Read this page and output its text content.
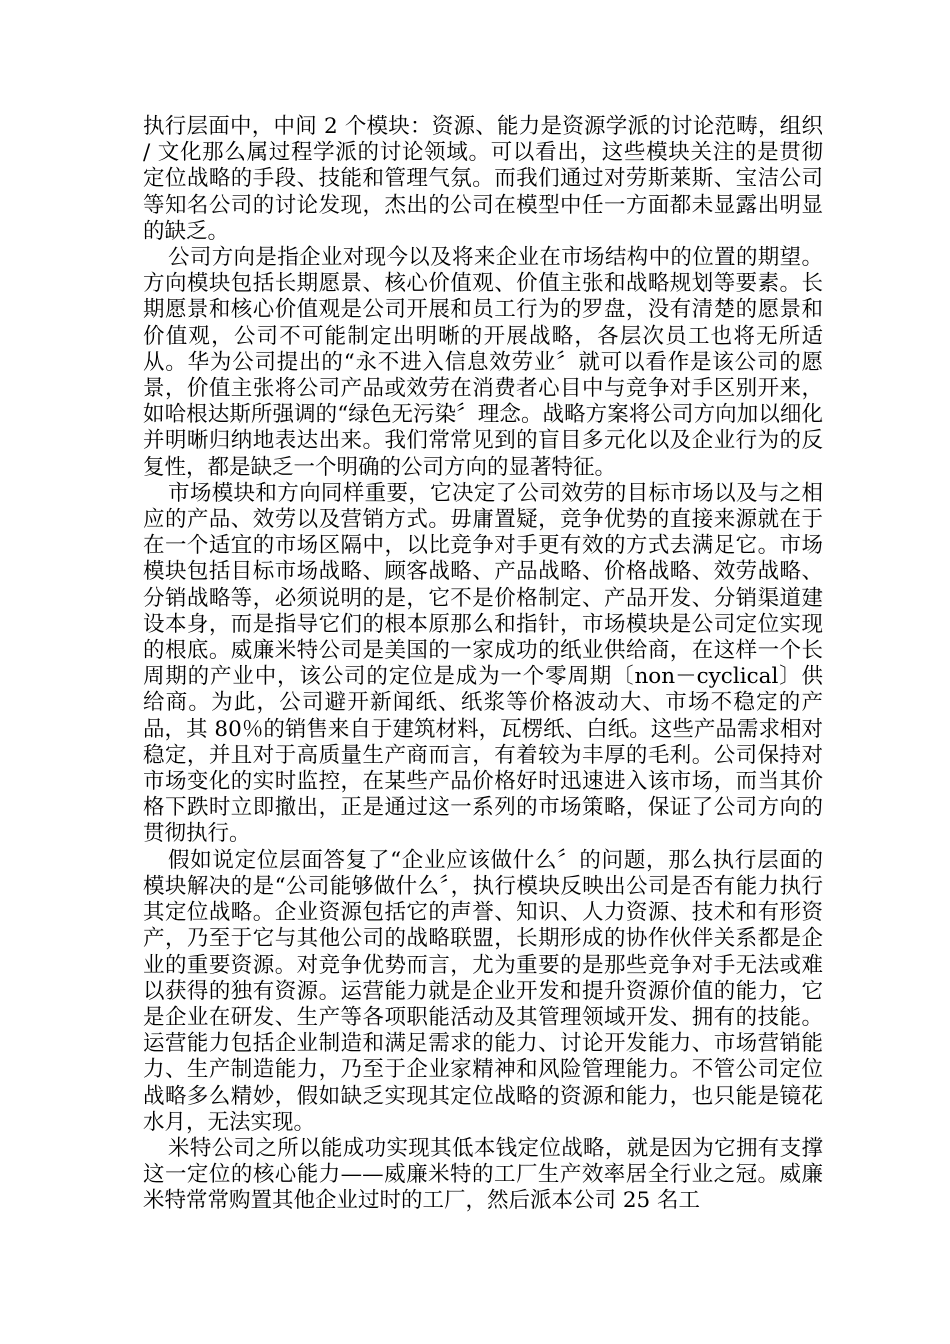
执行层面中，中间 2 个模块：资源、能力是资源学派的讨论范畴，组织 / 文化那么属过程学派的讨论领域。可以看出，这些模块关注的是贯彻定位战略的手段、技能和管理气氛。而我们通过对劳斯莱斯、宝洁公司等知名公司的讨论发现，杰出的公司在模型中任一方面都未显露出明显的缺乏。

公司方向是指企业对现今以及将来企业在市场结构中的位置的期望。方向模块包括长期愿景、核心价值观、价值主张和战略规划等要素。长期愿景和核心价值观是公司开展和员工行为的罗盘，没有清楚的愿景和价值观，公司不可能制定出明晰的开展战略，各层次员工也将无所适从。华为公司提出的“永不进入信息效劳业〞就可以看作是该公司的愿景，价值主张将公司产品或效劳在消费者心目中与竞争对手区别开来，如哈根达斯所强调的“绿色无污染〞理念。战略方案将公司方向加以细化并明晰归纳地表达出来。我们常常见到的盲目多元化以及企业行为的反复性，都是缺乏一个明确的公司方向的显著特征。

市场模块和方向同样重要，它决定了公司效劳的目标市场以及与之相应的产品、效劳以及营销方式。毋庸置疑，竞争优势的直接来源就在于在一个适宜的市场区隔中，以比竞争对手更有效的方式去满足它。市场模块包括目标市场战略、顾客战略、产品战略、价格战略、效劳战略、分销战略等，必须说明的是，它不是价格制定、产品开发、分销渠道建设本身，而是指导它们的根本原那么和指针，市场模块是公司定位实现的根底。威廉米特公司是美国的一家成功的纸业供给商，在这样一个长周期的产业中，该公司的定位是成为一个零周期〔non－cyclical〕供给商。为此，公司避开新闻纸、纸浆等价格波动大、市场不稳定的产品，其 80％的销售来自于建筑材料，瓦楞纸、白纸。这些产品需求相对稳定，并且对于高质量生产商而言，有着较为丰厚的毛利。公司保持对市场变化的实时监控，在某些产品价格好时迅速进入该市场，而当其价格下跌时立即撤出，正是通过这一系列的市场策略，保证了公司方向的贯彻执行。

假如说定位层面答复了“企业应该做什么〞的问题，那么执行层面的模块解决的是“公司能够做什么〞，执行模块反映出公司是否有能力执行其定位战略。企业资源包括它的声誉、知识、人力资源、技术和有形资产，乃至于它与其他公司的战略联盟，长期形成的协作伙伴关系都是企业的重要资源。对竞争优势而言，尤为重要的是那些竞争对手无法或难以获得的独有资源。运营能力就是企业开发和提升资源价值的能力，它是企业在研发、生产等各项职能活动及其管理领域开发、拥有的技能。运营能力包括企业制造和满足需求的能力、讨论开发能力、市场营销能力、生产制造能力，乃至于企业家精神和风险管理能力。不管公司定位战略多么精妙，假如缺乏实现其定位战略的资源和能力，也只能是镜花水月，无法实现。

米特公司之所以能成功实现其低本钱定位战略，就是因为它拥有支撑这一定位的核心能力——威廉米特的工厂生产效率居全行业之冠。威廉米特常常购置其他企业过时的工厂，然后派本公司 25 名工
